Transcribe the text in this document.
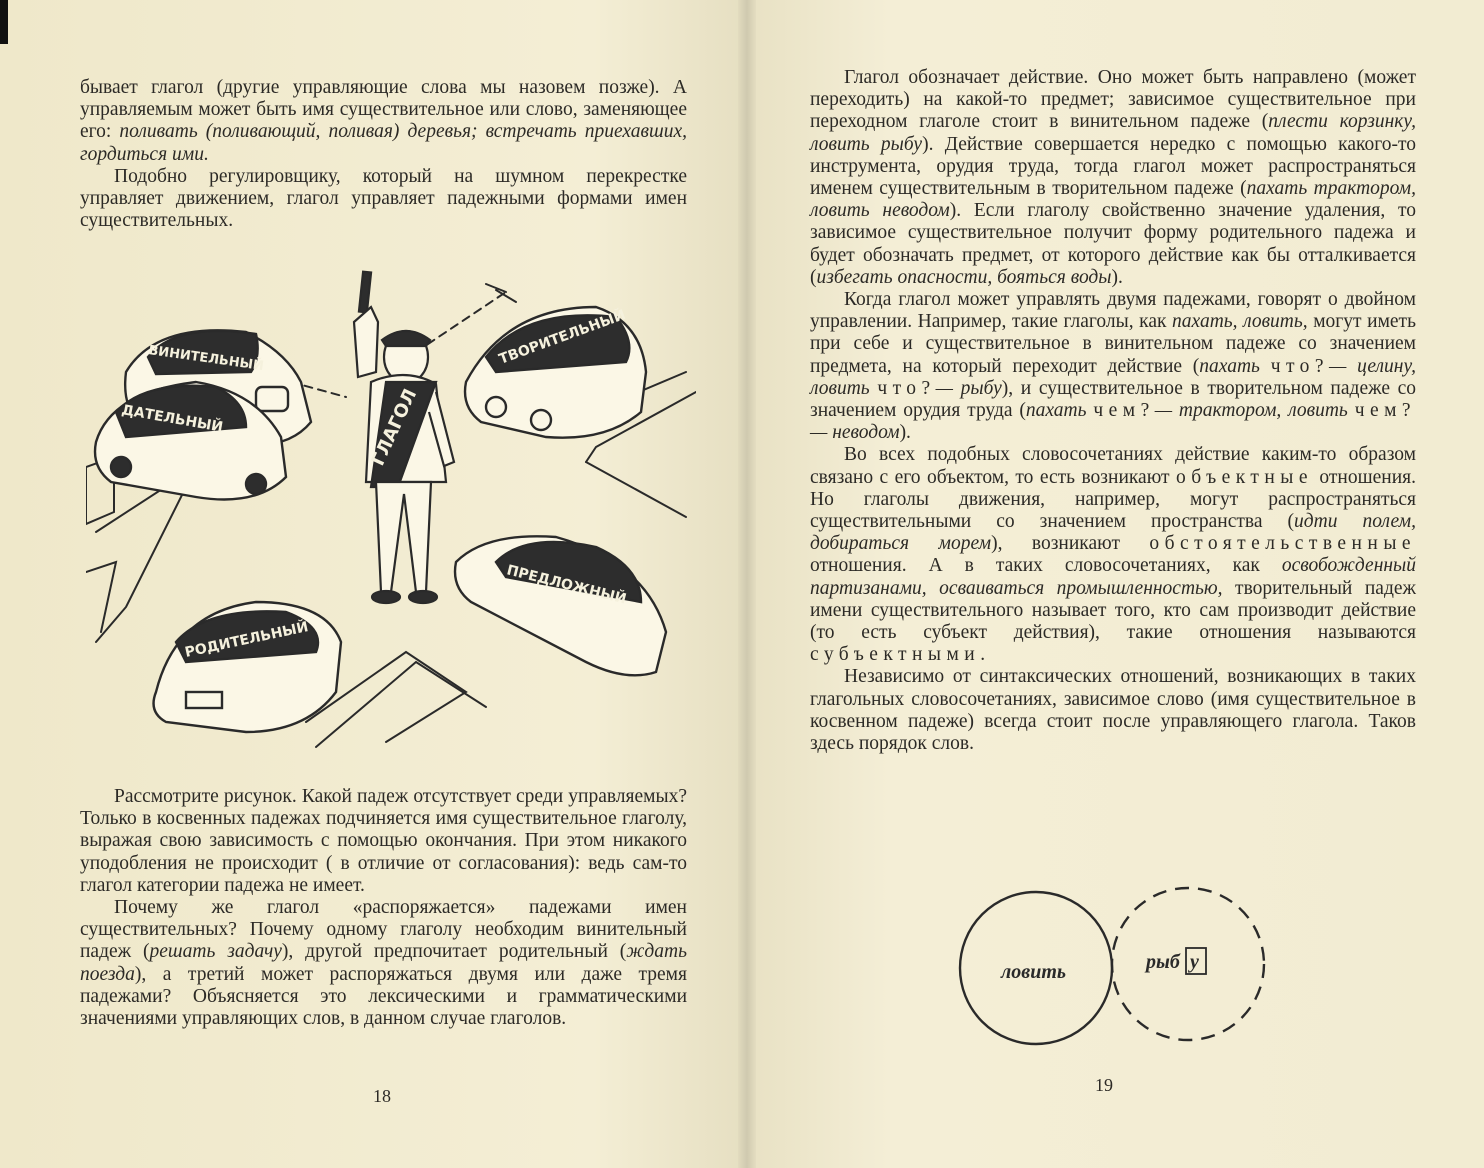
бывает глагол (другие управляющие слова мы назовем позже). А управляемым может быть имя существительное или слово, заменяющее его: поливать (поливающий, поливая) деревья; встречать приехавших, гордиться ими.

Подобно регулировщику, который на шумном перекрестке управляет движением, глагол управляет падежными формами имен существительных.

ВИНИТЕЛЬНЫЙ
ДАТЕЛЬНЫЙ	ГЛАГОЛ
ТВОРИТЕЛЬНЫЙ
ПРЕДЛОЖНЫЙ
РОДИТЕЛЬНЫЙ

Рассмотрите рисунок. Какой падеж отсутствует среди управляемых? Только в косвенных падежах подчиняется имя существительное глаголу, выражая свою зависимость с помощью окончания. При этом никакого уподобления не происходит ( в отличие от согласования): ведь сам-то глагол категории падежа не имеет.

Почему же глагол «распоряжается» падежами имен существительных? Почему одному глаголу необходим винительный падеж (решать задачу), другой предпочитает родительный (ждать поезда), а третий может распоряжаться двумя или даже тремя падежами? Объясняется это лексическими и грамматическими значениями управляющих слов, в данном случае глаголов.

18

Глагол обозначает действие. Оно может быть направлено (может переходить) на какой-то предмет; зависимое существительное при переходном глаголе стоит в винительном падеже (плести корзинку, ловить рыбу). Действие совершается нередко с помощью какого-то инструмента, орудия труда, тогда глагол может распространяться именем существительным в творительном падеже (пахать трактором, ловить неводом). Если глаголу свойственно значение удаления, то зависимое существительное получит форму родительного падежа и будет обозначать предмет, от которого действие как бы отталкивается (избегать опасности, бояться воды).

Когда глагол может управлять двумя падежами, говорят о двойном управлении. Например, такие глаголы, как пахать, ловить, могут иметь при себе и существительное в винительном падеже со значением предмета, на который переходит действие (пахать что?— целину, ловить что?— рыбу), и существительное в творительном падеже со значением орудия труда (пахать чем?— трактором, ловить чем?— неводом).

Во всех подобных словосочетаниях действие каким-то образом связано с его объектом, то есть возникают объектные отношения. Но глаголы движения, например, могут распространяться существительными со значением пространства (идти полем, добираться морем), возникают обстоятельственные отношения. А в таких словосочетаниях, как освобожденный партизанами, осваиваться промышленностью, творительный падеж имени существительного называет того, кто сам производит действие (то есть субъект действия), такие отношения называются субъектными.

Независимо от синтаксических отношений, возникающих в таких глагольных словосочетаниях, зависимое слово (имя существительное в косвенном падеже) всегда стоит после управляющего глагола. Таков здесь порядок слов.

ловить	рыб у
19
